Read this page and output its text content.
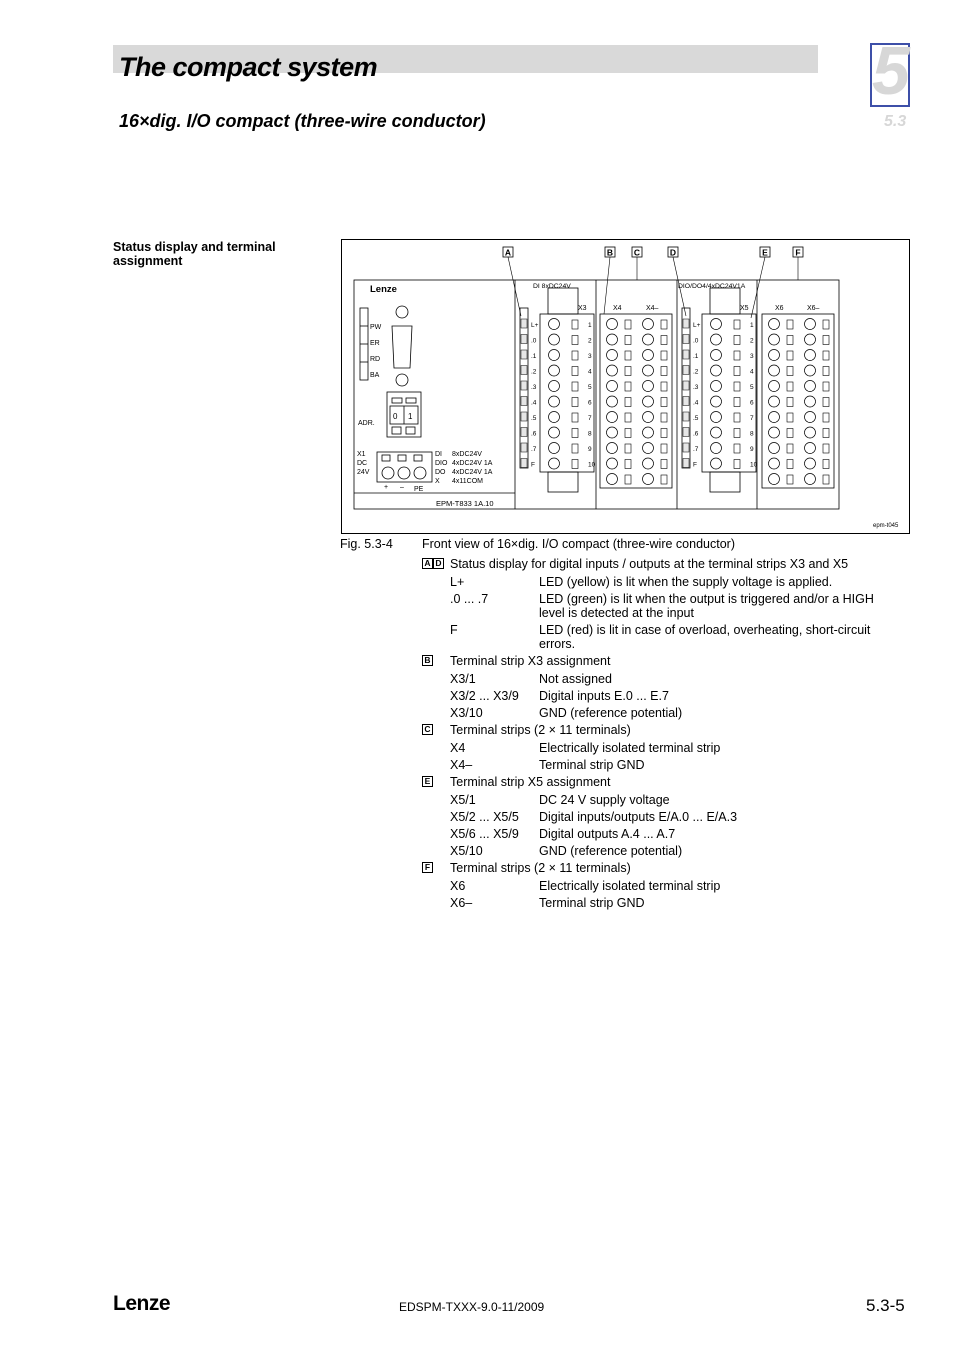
The compact system
16×dig. I/O compact (three-wire conductor)
5
5.3
Status display and terminal assignment
A	B C	D	E	F
Lenze
PW
ER
RD
BA
ADR.
0 1
X1
DC
24V
+ – PE
DI 8xDC24V
DIO 4xDC24V 1A
DO 4xDC24V 1A
X 4x11COM
EPM-T833 1A.10
DI 8xDC24V	DIO/DO4/4xDC24V1A
X3	X4	X4–	X5	X6	X6–
L+	L+
1	1
.0	.0
2	2
.1	.1
3	3
.2	.2
4	4
.3	.3
5	5
.4	.4
6	6
.5	.5
7	7
.6	.6
8	8
.7	.7
9	9
F	F
10	10
epm-t045
Fig. 5.3-4 Front view of 16×dig. I/O compact (three-wire conductor)
A D Status display for digital inputs / outputs at the terminal strips X3 and X5
L+	LED (yellow) is lit when the supply voltage is applied.
.0 ... .7	LED (green) is lit when the output is triggered and/or a HIGH level is detected at the input
F	LED (red) is lit in case of overload, overheating, short-circuit errors.
B Terminal strip X3 assignment
X3/1	Not assigned
X3/2 ... X3/9	Digital inputs E.0 ... E.7
X3/10	GND (reference potential)
C Terminal strips (2 × 11 terminals)
X4	Electrically isolated terminal strip
X4–	Terminal strip GND
E Terminal strip X5 assignment
X5/1	DC 24 V supply voltage
X5/2 ... X5/5	Digital inputs/outputs E/A.0 ... E/A.3
X5/6 ... X5/9	Digital outputs A.4 ... A.7
X5/10	GND (reference potential)
F Terminal strips (2 × 11 terminals)
X6	Electrically isolated terminal strip
X6–	Terminal strip GND
Lenze	EDSPM-TXXX-9.0-11/2009	5.3-5
